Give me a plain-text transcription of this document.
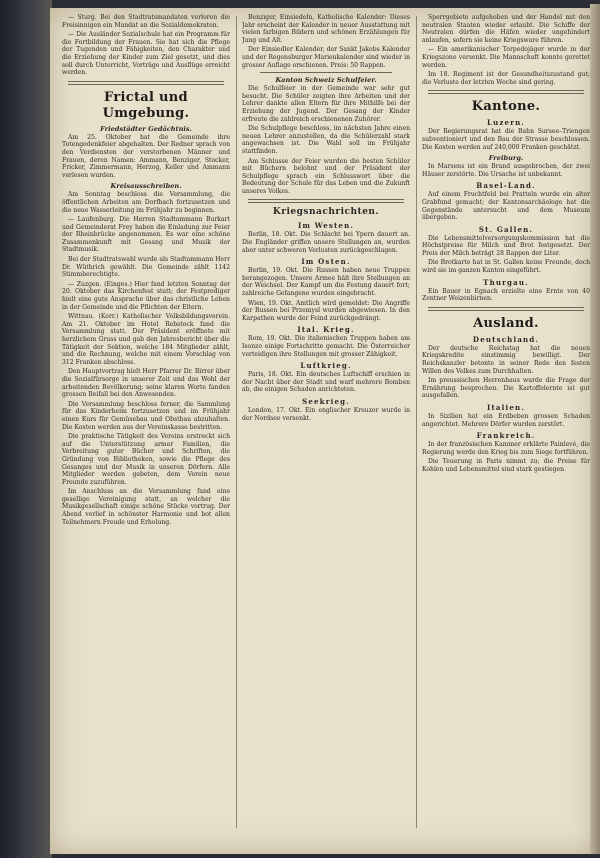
— Sturg. Bei den Stadtratsmandaten verloren die Freisinnigen ein Mandat an die Sozialdemokraten.

— Die Ausländer Sozialschule hat ein Programm für die Fortbildung der Frauen. Sie hat sich die Pflege der Tugenden und Fähigkeiten, den Charakter und die Erziehung der Kinder zum Ziel gesetzt, und dies soll durch Unterricht, Vorträge und Ausflüge erreicht werden.

Frictal und Umgebung.
Friedstädter Gedächtnis.

Am 25. Oktober hat die Gemeinde ihre Totengedenkfeier abgehalten. Der Redner sprach von den Verdiensten der verstorbenen Männer und Frauen, deren Namen: Ammann, Benziger, Stocker, Fricker, Zimmermann, Herzog, Keller und Ammann verlesen wurden.

Kreisausschreiben.

Am Sonntag beschloss die Versammlung, die öffentlichen Arbeiten am Dorfbach fortzusetzen und die neue Wasserleitung im Frühjahr zu beginnen.

— Laufenburg. Die Herren Stadtammann Burkart und Gemeinderat Frey haben die Einladung zur Feier der Rheinbrücke angenommen. Es war eine schöne Zusammenkunft mit Gesang und Musik der Stadtmusik.

Bei der Stadtratswahl wurde als Stadtammann Herr Dr. Wüthrich gewählt. Die Gemeinde zählt 1142 Stimmberechtigte.

— Zuzgen. (Einges.) Hier fand letzten Sonntag der 20. Oktober das Kirchenfest statt; der Festprediger hielt eine gute Ansprache über das christliche Leben in der Gemeinde und die Pflichten der Eltern.

Wittnau. (Korr.) Katholischer Volksbildungsverein. Am 21. Oktober im Hotel Rebstock fand die Versammlung statt. Der Präsident eröffnete mit herzlichem Gruss und gab den Jahresbericht über die Tätigkeit der Sektion, welche 184 Mitglieder zählt, und die Rechnung, welche mit einem Vorschlag von 312 Franken abschloss.

Den Hauptvortrag hielt Herr Pfarrer Dr. Birrer über die Sozialfürsorge in unserer Zeit und das Wohl der arbeitenden Bevölkerung; seine klaren Worte fanden grossen Beifall bei den Anwesenden.

Die Versammlung beschloss ferner, die Sammlung für das Kinderheim fortzusetzen und im Frühjahr einen Kurs für Gemüsebau und Obstbau abzuhalten. Die Kosten werden aus der Vereinskasse bestritten.

Die praktische Tätigkeit des Vereins erstreckt sich auf die Unterstützung armer Familien, die Verbreitung guter Bücher und Schriften, die Gründung von Bibliotheken, sowie die Pflege des Gesanges und der Musik in unseren Dörfern. Alle Mitglieder werden gebeten, dem Verein neue Freunde zuzuführen.

Im Anschluss an die Versammlung fand eine gesellige Vereinigung statt, an welcher die Musikgesellschaft einige schöne Stücke vortrug. Der Abend verlief in schönster Harmonie und bot allen Teilnehmern Freude und Erholung.

Benziger, Einsiedeln, Katholische Kalender: Dieses Jahr erscheint der Kalender in neuer Ausstattung mit vielen farbigen Bildern und schönen Erzählungen für Jung und Alt.

Der Einsiedler Kalender, der Sankt Jakobs Kalender und der Regensburger Marienkalender sind wieder in grosser Auflage erschienen. Preis: 50 Rappen.

Kanton Schweiz Schulfeier.

Die Schulfeier in der Gemeinde war sehr gut besucht. Die Schüler zeigten ihre Arbeiten und der Lehrer dankte allen Eltern für ihre Mithilfe bei der Erziehung der Jugend. Der Gesang der Kinder erfreute die zahlreich erschienenen Zuhörer.

Die Schulpflege beschloss, im nächsten Jahre einen neuen Lehrer anzustellen, da die Schülerzahl stark angewachsen ist. Die Wahl soll im Frühjahr stattfinden.

Am Schlusse der Feier wurden die besten Schüler mit Büchern belohnt und der Präsident der Schulpflege sprach ein Schlusswort über die Bedeutung der Schule für das Leben und die Zukunft unseres Volkes.

Kriegsnachrichten.
Im Westen.

Berlin, 18. Okt. Die Schlacht bei Ypern dauert an. Die Engländer griffen unsere Stellungen an, wurden aber unter schweren Verlusten zurückgeschlagen.

Im Osten.

Berlin, 19. Okt. Die Russen haben neue Truppen herangezogen. Unsere Armee hält ihre Stellungen an der Weichsel. Der Kampf um die Festung dauert fort; zahlreiche Gefangene wurden eingebracht.

Wien, 19. Okt. Amtlich wird gemeldet: Die Angriffe der Russen bei Przemysl wurden abgewiesen. In den Karpathen wurde der Feind zurückgedrängt.

Ital. Krieg.

Rom, 19. Okt. Die italienischen Truppen haben am Isonzo einige Fortschritte gemacht. Die Österreicher verteidigen ihre Stellungen mit grosser Zähigkeit.

Luftkrieg.

Paris, 18. Okt. Ein deutsches Luftschiff erschien in der Nacht über der Stadt und warf mehrere Bomben ab, die einigen Schaden anrichteten.

Seekrieg.

London, 17. Okt. Ein englischer Kreuzer wurde in der Nordsee versenkt.

Sperrgebiete aufgehoben und der Handel mit den neutralen Staaten wieder erlaubt. Die Schiffe der Neutralen dürfen die Häfen wieder ungehindert anlaufen, sofern sie keine Kriegsware führen.

— Ein amerikanischer Torpedojäger wurde in der Kriegszone versenkt. Die Mannschaft konnte gerettet werden.

Im 18. Regiment ist der Gesundheitszustand gut; die Verluste der letzten Woche sind gering.

Kantone.
Luzern.

Der Regierungsrat hat die Bahn Sursee–Triengen subventioniert und den Bau der Strasse beschlossen. Die Kosten werden auf 240,000 Franken geschätzt.

Freiburg.

In Marsens ist ein Brand ausgebrochen, der zwei Häuser zerstörte. Die Ursache ist unbekannt.

Basel-Land.

Auf einem Fruchtfeld bei Pratteln wurde ein alter Grabfund gemacht; der Kantonsarchäologe hat die Gegenstände untersucht und dem Museum übergeben.

St. Gallen.

Die Lebensmittelversorgungskommission hat die Höchstpreise für Milch und Brot festgesetzt. Der Preis der Milch beträgt 28 Rappen der Liter.

Die Brotkarte hat in St. Gallen keine Freunde, doch wird sie im ganzen Kanton eingeführt.

Thurgau.

Ein Bauer in Egnach erzielte eine Ernte von 40 Zentner Weizenbirnen.

Ausland.
Deutschland.

Der deutsche Reichstag hat die neuen Kriegskredite einstimmig bewilligt. Der Reichskanzler betonte in seiner Rede den festen Willen des Volkes zum Durchhalten.

Im preussischen Herrenhaus wurde die Frage der Ernährung besprochen. Die Kartoffelernte ist gut ausgefallen.

Italien.

In Sizilien hat ein Erdbeben grossen Schaden angerichtet. Mehrere Dörfer wurden zerstört.

Frankreich.

In der französischen Kammer erklärte Painlevé, die Regierung werde den Krieg bis zum Siege fortführen.

Die Teuerung in Paris nimmt zu; die Preise für Kohlen und Lebensmittel sind stark gestiegen.
